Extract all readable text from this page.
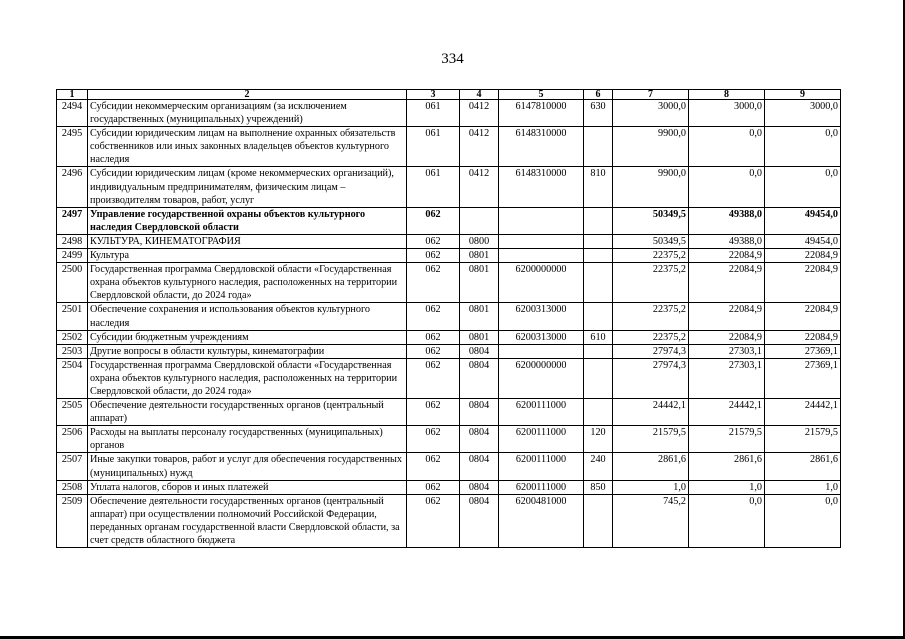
334
1	2	3	4	5	6	7	8	9
2494	Субсидии некоммерческим организациям (за исключением государственных (муниципальных) учреждений)	061	0412	6147810000	630	3000,0	3000,0	3000,0
2495	Субсидии юридическим лицам на выполнение охранных обязательств собственников или иных законных владельцев объектов культурного наследия	061	0412	6148310000		9900,0	0,0	0,0
2496	Субсидии юридическим лицам (кроме некоммерческих организаций), индивидуальным предпринимателям, физическим лицам – производителям товаров, работ, услуг	061	0412	6148310000	810	9900,0	0,0	0,0
2497	Управление государственной охраны объектов культурного наследия Свердловской области	062				50349,5	49388,0	49454,0
2498	КУЛЬТУРА, КИНЕМАТОГРАФИЯ	062	0800			50349,5	49388,0	49454,0
2499	Культура	062	0801			22375,2	22084,9	22084,9
2500	Государственная программа Свердловской области «Государственная охрана объектов культурного наследия, расположенных на территории Свердловской области, до 2024 года»	062	0801	6200000000		22375,2	22084,9	22084,9
2501	Обеспечение сохранения и использования объектов культурного наследия	062	0801	6200313000		22375,2	22084,9	22084,9
2502	Субсидии бюджетным учреждениям	062	0801	6200313000	610	22375,2	22084,9	22084,9
2503	Другие вопросы в области культуры, кинематографии	062	0804			27974,3	27303,1	27369,1
2504	Государственная программа Свердловской области «Государственная охрана объектов культурного наследия, расположенных на территории Свердловской области, до 2024 года»	062	0804	6200000000		27974,3	27303,1	27369,1
2505	Обеспечение деятельности государственных органов (центральный аппарат)	062	0804	6200111000		24442,1	24442,1	24442,1
2506	Расходы на выплаты персоналу государственных (муниципальных) органов	062	0804	6200111000	120	21579,5	21579,5	21579,5
2507	Иные закупки товаров, работ и услуг для обеспечения государственных (муниципальных) нужд	062	0804	6200111000	240	2861,6	2861,6	2861,6
2508	Уплата налогов, сборов и иных платежей	062	0804	6200111000	850	1,0	1,0	1,0
2509	Обеспечение деятельности государственных органов (центральный аппарат) при осуществлении полномочий Российской Федерации, переданных органам государственной власти Свердловской области, за счет средств областного бюджета	062	0804	6200481000		745,2	0,0	0,0
